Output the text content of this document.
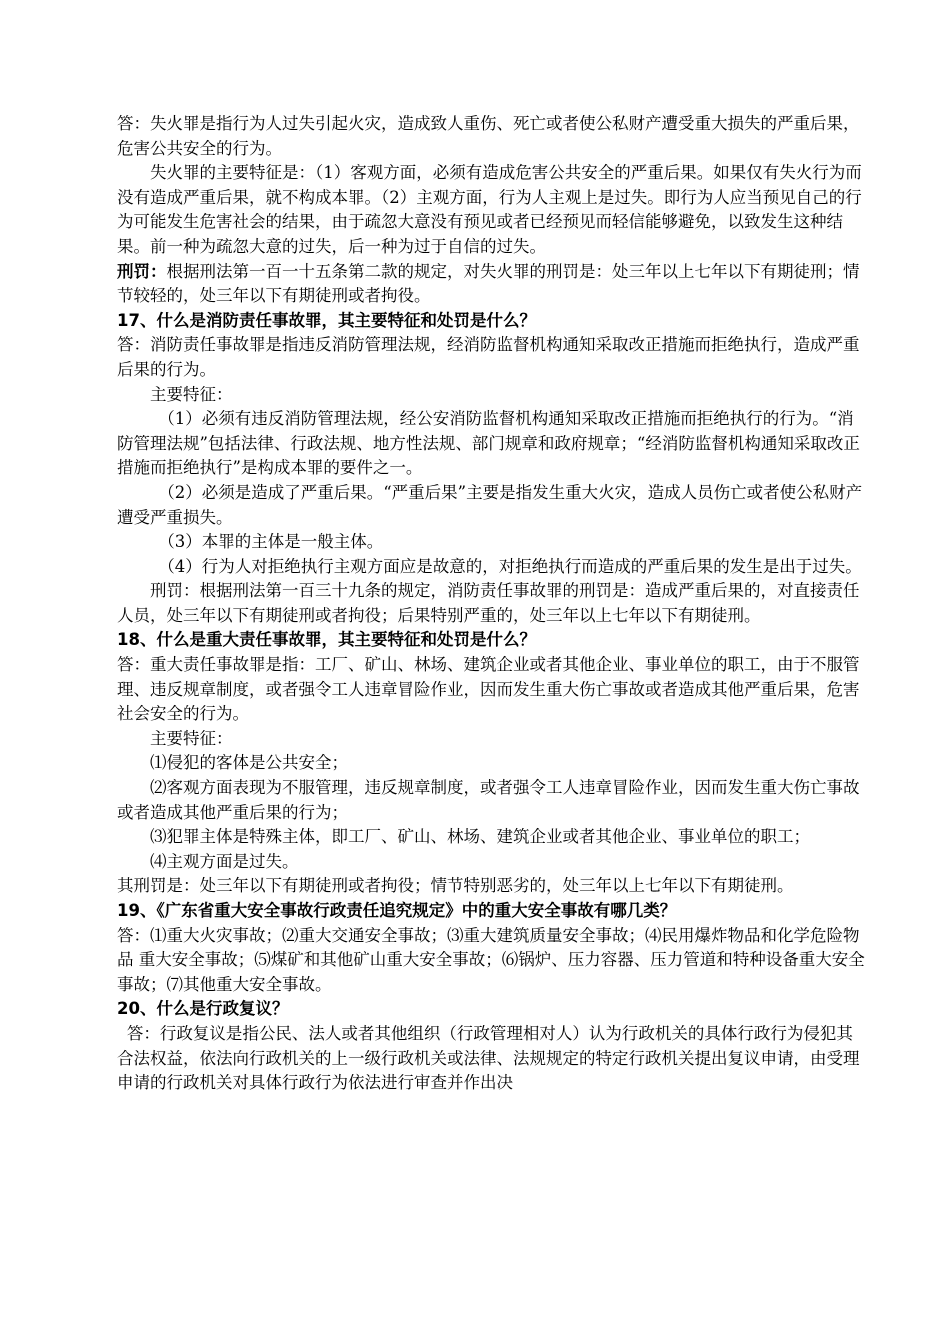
答：失火罪是指行为人过失引起火灾，造成致人重伤、死亡或者使公私财产遭受重大损失的严重后果，危害公共安全的行为。

失火罪的主要特征是：（1）客观方面，必须有造成危害公共安全的严重后果。如果仅有失火行为而没有造成严重后果，就不构成本罪。（2）主观方面，行为人主观上是过失。即行为人应当预见自己的行为可能发生危害社会的结果，由于疏忽大意没有预见或者已经预见而轻信能够避免，以致发生这种结果。前一种为疏忽大意的过失，后一种为过于自信的过失。

刑罚：根据刑法第一百一十五条第二款的规定，对失火罪的刑罚是：处三年以上七年以下有期徒刑；情节较轻的，处三年以下有期徒刑或者拘役。

17、什么是消防责任事故罪，其主要特征和处罚是什么？

答：消防责任事故罪是指违反消防管理法规，经消防监督机构通知采取改正措施而拒绝执行，造成严重后果的行为。

主要特征：

（1）必须有违反消防管理法规，经公安消防监督机构通知采取改正措施而拒绝执行的行为。“消防管理法规”包括法律、行政法规、地方性法规、部门规章和政府规章；“经消防监督机构通知采取改正措施而拒绝执行”是构成本罪的要件之一。

（2）必须是造成了严重后果。“严重后果”主要是指发生重大火灾，造成人员伤亡或者使公私财产遭受严重损失。

（3）本罪的主体是一般主体。

（4）行为人对拒绝执行主观方面应是故意的，对拒绝执行而造成的严重后果的发生是出于过失。

刑罚：根据刑法第一百三十九条的规定，消防责任事故罪的刑罚是：造成严重后果的，对直接责任人员，处三年以下有期徒刑或者拘役；后果特别严重的，处三年以上七年以下有期徒刑。

18、什么是重大责任事故罪，其主要特征和处罚是什么？

答：重大责任事故罪是指：工厂、矿山、林场、建筑企业或者其他企业、事业单位的职工，由于不服管理、违反规章制度，或者强令工人违章冒险作业，因而发生重大伤亡事故或者造成其他严重后果，危害社会安全的行为。

主要特征：

⑴侵犯的客体是公共安全；

⑵客观方面表现为不服管理，违反规章制度，或者强令工人违章冒险作业，因而发生重大伤亡事故或者造成其他严重后果的行为；

⑶犯罪主体是特殊主体，即工厂、矿山、林场、建筑企业或者其他企业、事业单位的职工；

⑷主观方面是过失。

其刑罚是：处三年以下有期徒刑或者拘役；情节特别恶劣的，处三年以上七年以下有期徒刑。

19、《广东省重大安全事故行政责任追究规定》中的重大安全事故有哪几类？

答：⑴重大火灾事故；⑵重大交通安全事故；⑶重大建筑质量安全事故；⑷民用爆炸物品和化学危险物品 重大安全事故；⑸煤矿和其他矿山重大安全事故；⑹锅炉、压力容器、压力管道和特种设备重大安全事故；⑺其他重大安全事故。

20、什么是行政复议？

答：行政复议是指公民、法人或者其他组织（行政管理相对人）认为行政机关的具体行政行为侵犯其合法权益，依法向行政机关的上一级行政机关或法律、法规规定的特定行政机关提出复议申请，由受理申请的行政机关对具体行政行为依法进行审查并作出决
